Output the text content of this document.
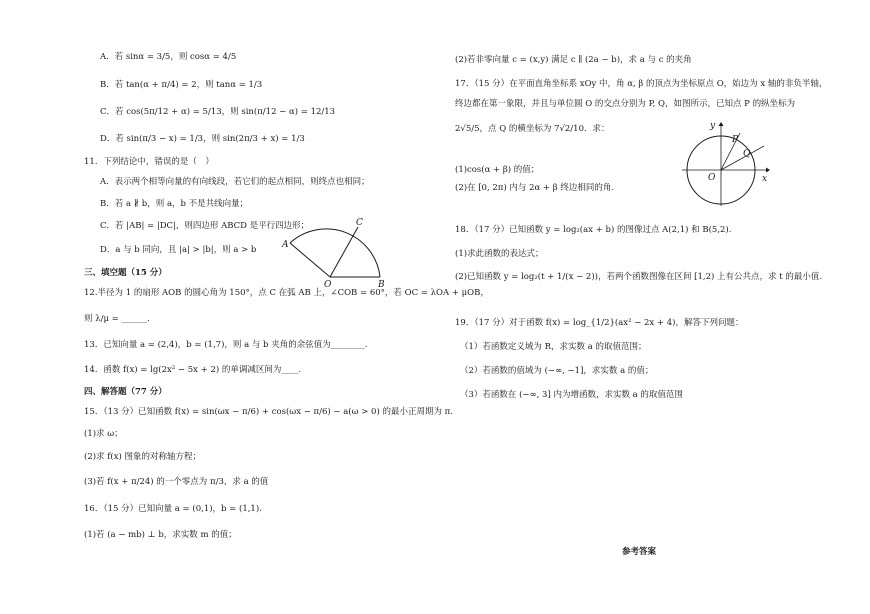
A．若 sinα = 3/5，则 cosα = 4/5
B．若 tan(α + π/4) = 2，则 tanα = 1/3
C．若 cos(5π/12 + α) = 5/13，则 sin(π/12 − α) = 12/13
D．若 sin(π/3 − x) = 1/3，则 sin(2π/3 + x) = 1/3
11．下列结论中，错误的是（　）
A．表示两个相等向量的有向线段，若它们的起点相同，则终点也相同；
B．若 a ∦ b，则 a，b 不是共线向量；
C．若 |AB| = |DC|，则四边形 ABCD 是平行四边形；
D．a 与 b 同向，且 |a| > |b|，则 a > b	A
C
O	B
三、填空题（15 分）
12.半径为 1 的扇形 AOB 的圆心角为 150°，点 C 在弧 AB 上，∠COB = 60°，若 OC = λOA + μOB，
则 λ/μ = ______.
13．已知向量 a = (2,4)，b = (1,7)，则 a 与 b 夹角的余弦值为________.
14．函数 f(x) = lg(2x² − 5x + 2) 的单调减区间为____.
四、解答题（77 分）
15．（13 分）已知函数 f(x) = sin(ωx − π/6) + cos(ωx − π/6) − a(ω > 0) 的最小正周期为 π.
(1)求 ω；
(2)求 f(x) 图象的对称轴方程；
(3)若 f(x + π/24) 的一个零点为 π/3，求 a 的值
16．（15 分）已知向量 a = (0,1)，b = (1,1).
(1)若 (a − mb) ⊥ b，求实数 m 的值；
(2)若非零向量 c = (x,y) 满足 c ∥ (2a − b)，求 a 与 c 的夹角
17．（15 分）在平面直角坐标系 xOy 中，角 α, β 的顶点为坐标原点 O，始边为 x 轴的非负半轴，
终边都在第一象限，并且与单位圆 O 的交点分别为 P, Q，如图所示，已知点 P 的纵坐标为
2√5/5，点 Q 的横坐标为 7√2/10．求：
(1)cos(α + β) 的值；
(2)在 [0, 2π) 内与 2α + β 终边相同的角.
y
P
Q
O	x
18．（17 分）已知函数 y = log₂(ax + b) 的图像过点 A(2,1) 和 B(5,2).
(1)求此函数的表达式；
(2)已知函数 y = log₂(t + 1/(x − 2))，若两个函数图像在区间 [1,2) 上有公共点，求 t 的最小值.
19．（17 分）对于函数 f(x) = log_{1/2}(ax² − 2x + 4)，解答下列问题：
（1）若函数定义域为 R，求实数 a 的取值范围；
（2）若函数的值域为 (−∞, −1]，求实数 a 的值；
（3）若函数在 (−∞, 3] 内为增函数，求实数 a 的取值范围
参考答案
